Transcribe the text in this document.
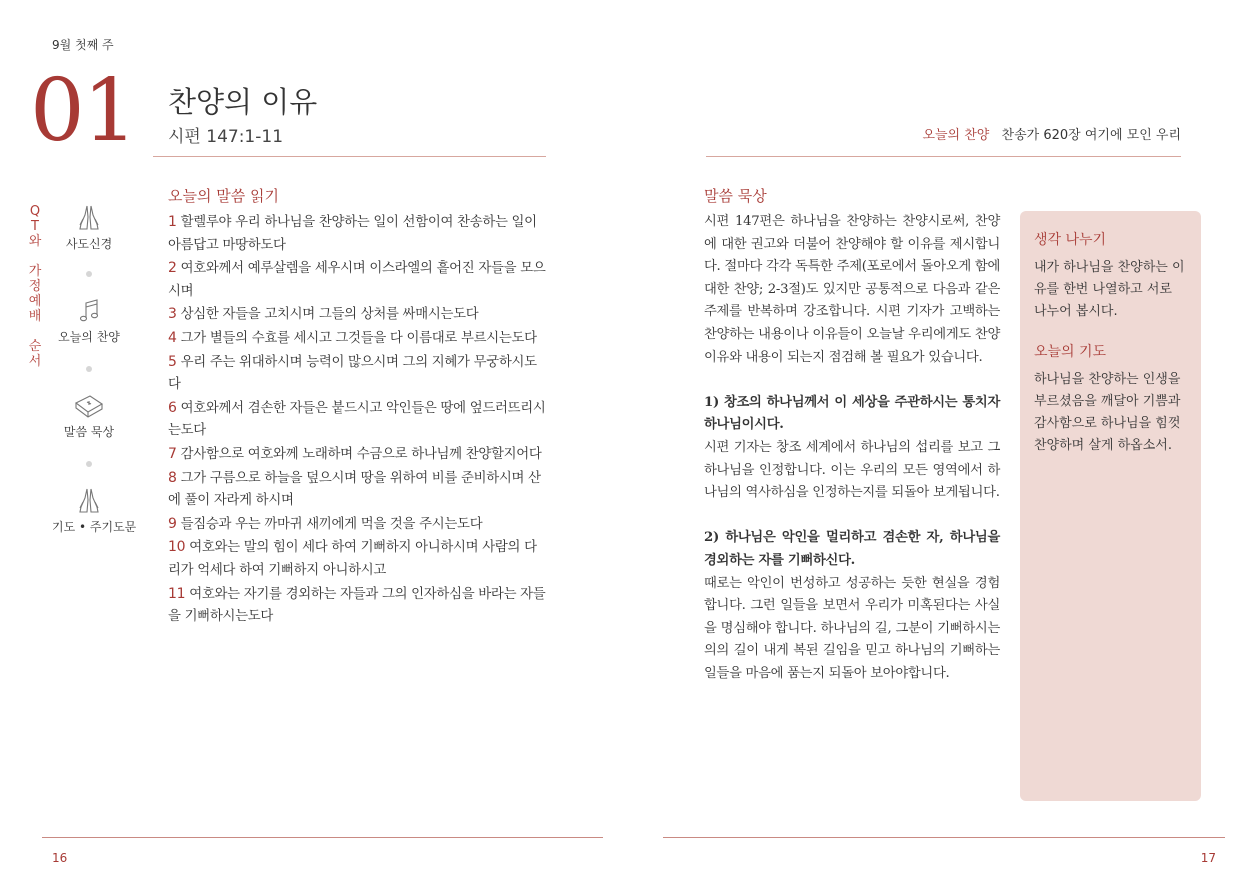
9월 첫째 주
01 찬양의 이유
시편 147:1-11	오늘의 찬양 찬송가 620장 여기에 모인 우리
Q
T
와

가
정
예
배

순
서
사도신경
오늘의 찬양
말씀 묵상
기도 • 주기도문
오늘의 말씀 읽기
1 할렐루야 우리 하나님을 찬양하는 일이 선함이여 찬송하는 일이 아름답고 마땅하도다
2 여호와께서 예루살렘을 세우시며 이스라엘의 흩어진 자들을 모으시며
3 상심한 자들을 고치시며 그들의 상처를 싸매시는도다
4 그가 별들의 수효를 세시고 그것들을 다 이름대로 부르시는도다
5 우리 주는 위대하시며 능력이 많으시며 그의 지혜가 무궁하시도다
6 여호와께서 겸손한 자들은 붙드시고 악인들은 땅에 엎드러뜨리시는도다
7 감사함으로 여호와께 노래하며 수금으로 하나님께 찬양할지어다
8 그가 구름으로 하늘을 덮으시며 땅을 위하여 비를 준비하시며 산에 풀이 자라게 하시며
9 들짐승과 우는 까마귀 새끼에게 먹을 것을 주시는도다
10 여호와는 말의 힘이 세다 하여 기뻐하지 아니하시며 사람의 다리가 억세다 하여 기뻐하지 아니하시고
11 여호와는 자기를 경외하는 자들과 그의 인자하심을 바라는 자들을 기뻐하시는도다
말씀 묵상

시편 147편은 하나님을 찬양하는 찬양시로써, 찬양에 대한 권고와 더불어 찬양해야 할 이유를 제시합니다. 절마다 각각 독특한 주제(포로에서 돌아오게 함에 대한 찬양; 2-3절)도 있지만 공통적으로 다음과 같은 주제를 반복하며 강조합니다. 시편 기자가 고백하는 찬양하는 내용이나 이유들이 오늘날 우리에게도 찬양 이유와 내용이 되는지 점검해 볼 필요가 있습니다.

1) 창조의 하나님께서 이 세상을 주관하시는 통치자 하나님이시다.
시편 기자는 창조 세계에서 하나님의 섭리를 보고 그 하나님을 인정합니다. 이는 우리의 모든 영역에서 하나님의 역사하심을 인정하는지를 되돌아 보게됩니다.

2) 하나님은 악인을 멀리하고 겸손한 자, 하나님을 경외하는 자를 기뻐하신다.
때로는 악인이 번성하고 성공하는 듯한 현실을 경험합니다. 그런 일들을 보면서 우리가 미혹된다는 사실을 명심해야 합니다. 하나님의 길, 그분이 기뻐하시는 의의 길이 내게 복된 길임을 믿고 하나님의 기뻐하는 일들을 마음에 품는지 되돌아 보아야합니다.

생각 나누기
내가 하나님을 찬양하는 이유를 한번 나열하고 서로 나누어 봅시다.
오늘의 기도
하나님을 찬양하는 인생을 부르셨음을 깨달아 기쁨과 감사함으로 하나님을 힘껏 찬양하며 살게 하옵소서.
16	17
